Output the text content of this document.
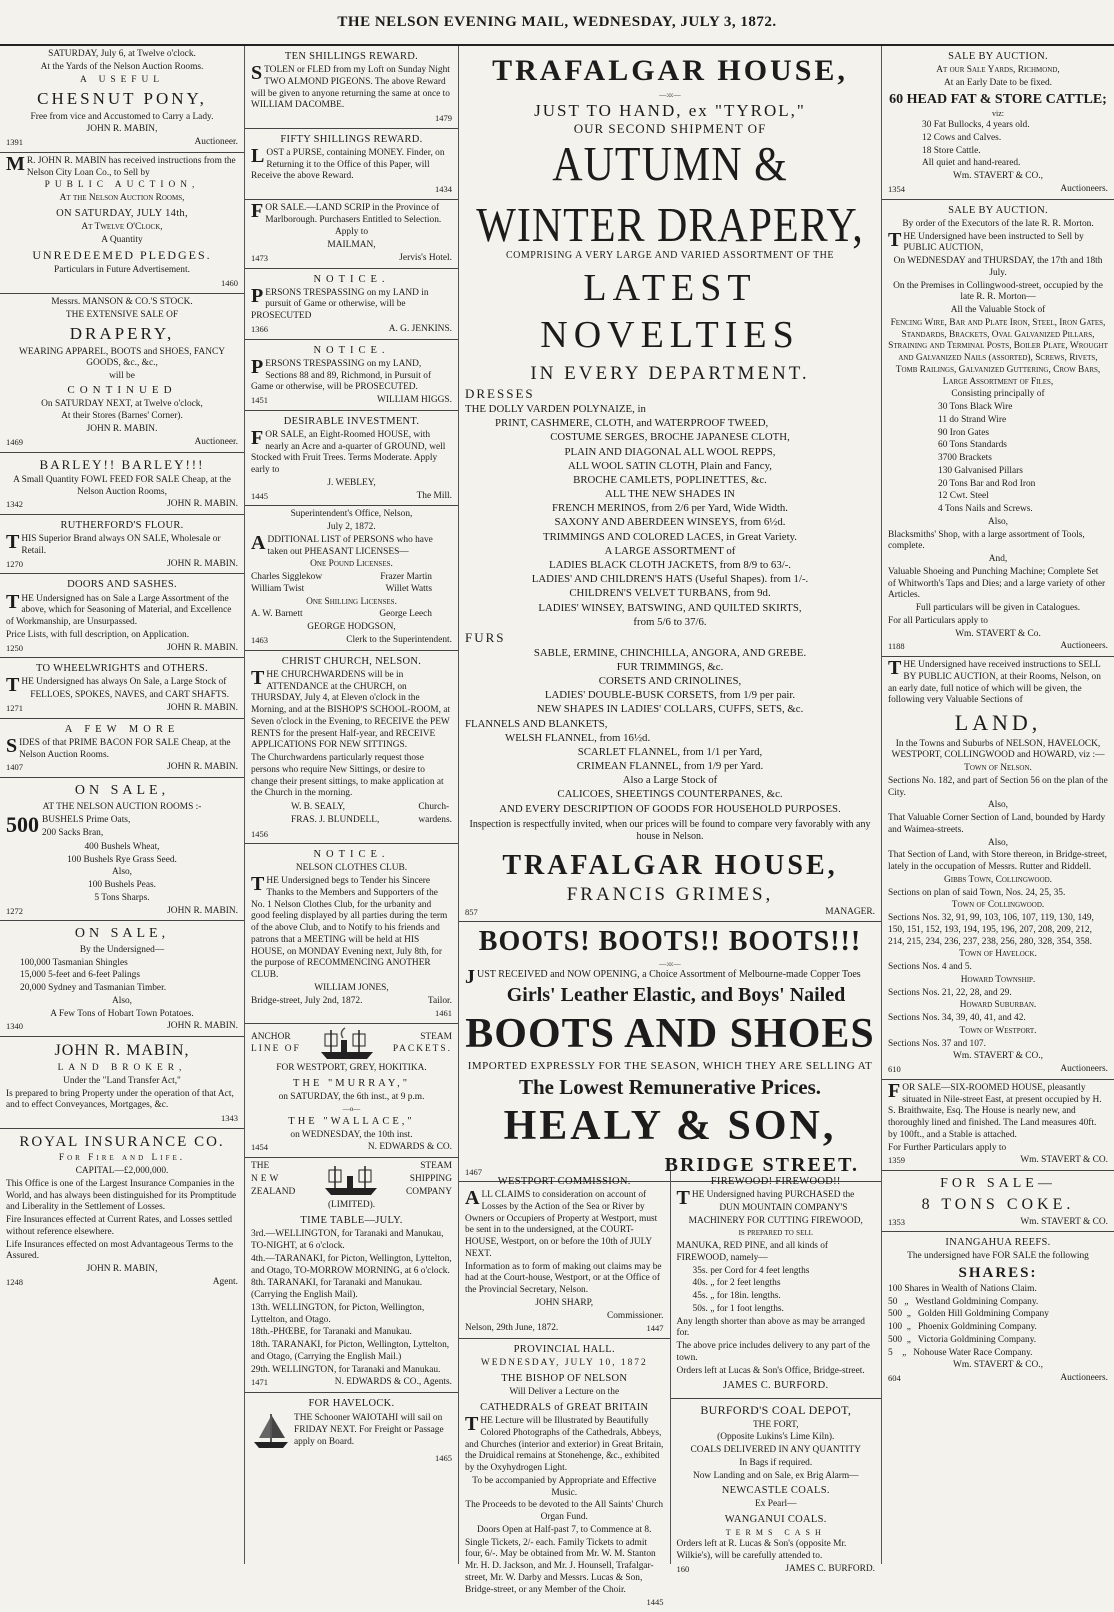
THE NELSON EVENING MAIL, WEDNESDAY, JULY 3, 1872.

SATURDAY, July 6, at Twelve o'clock.

At the Yards of the Nelson Auction Rooms.

A USEFUL

CHESNUT PONY,

Free from vice and Accustomed to Carry a Lady.

JOHN R. MABIN,

1391	Auctioneer.

MR. JOHN R. MABIN has received instructions from the Nelson City Loan Co., to Sell by

PUBLIC AUCTION,

At the Nelson Auction Rooms,

ON SATURDAY, JULY 14th,

At Twelve O'Clock,

A Quantity

UNREDEEMED PLEDGES.

Particulars in Future Advertisement.

1460

Messrs. MANSON & CO.'S STOCK.

THE EXTENSIVE SALE OF

DRAPERY,

WEARING APPAREL, BOOTS and SHOES, FANCY GOODS, &c., &c.,

will be

CONTINUED

On SATURDAY NEXT, at Twelve o'clock,

At their Stores (Barnes' Corner).

JOHN R. MABIN.

1469	Auctioneer.
BARLEY!! BARLEY!!!

A Small Quantity FOWL FEED FOR SALE Cheap, at the Nelson Auction Rooms,

1342	JOHN R. MABIN.

RUTHERFORD'S FLOUR.

THIS Superior Brand always ON SALE, Wholesale or Retail.

1270	JOHN R. MABIN.

DOORS AND SASHES.

THE Undersigned has on Sale a Large Assortment of the above, which for Seasoning of Material, and Excellence of Workmanship, are Unsurpassed.

Price Lists, with full description, on Application.

1250	JOHN R. MABIN.

TO WHEELWRIGHTS and OTHERS.

THE Undersigned has always On Sale, a Large Stock of

FELLOES, SPOKES, NAVES, and CART SHAFTS.

1271	JOHN R. MABIN.

A FEW MORE

SIDES of that PRIME BACON FOR SALE Cheap, at the Nelson Auction Rooms.

1407	JOHN R. MABIN.
ON SALE,

AT THE NELSON AUCTION ROOMS :-

500 BUSHELS Prime Oats,

200 Sacks Bran,

400 Bushels Wheat,

100 Bushels Rye Grass Seed.

Also,

100 Bushels Peas.

5 Tons Sharps.

1272	JOHN R. MABIN.
ON SALE,

By the Undersigned—

100,000 Tasmanian Shingles

15,000 5-feet and 6-feet Palings

20,000 Sydney and Tasmanian Timber.

Also,

A Few Tons of Hobart Town Potatoes.

1340	JOHN R. MABIN.
JOHN R. MABIN,

LAND BROKER,

Under the "Land Transfer Act,"

Is prepared to bring Property under the operation of that Act, and to effect Conveyances, Mortgages, &c.

1343

ROYAL INSURANCE CO.

For Fire and Life.

CAPITAL—£2,000,000.

This Office is one of the Largest Insurance Companies in the World, and has always been distinguished for its Promptitude and Liberality in the Settlement of Losses.

Fire Insurances effected at Current Rates, and Losses settled without reference elsewhere.

Life Insurances effected on most Advantageous Terms to the Assured.

JOHN R. MABIN,

1248	Agent.

TEN SHILLINGS REWARD.

STOLEN or FLED from my Loft on Sunday Night TWO ALMOND PIGEONS. The above Reward will be given to anyone returning the same at once to WILLIAM DACOMBE.

1479

FIFTY SHILLINGS REWARD.

LOST a PURSE, containing MONEY. Finder, on Returning it to the Office of this Paper, will Receive the above Reward.

1434

FOR SALE.—LAND SCRIP in the Province of Marlborough. Purchasers Entitled to Selection.

Apply to

MAILMAN,

1473	Jervis's Hotel.

NOTICE.

PERSONS TRESPASSING on my LAND in pursuit of Game or otherwise, will be PROSECUTED

1366	A. G. JENKINS.

NOTICE.

PERSONS TRESPASSING on my LAND, Sections 88 and 89, Richmond, in Pursuit of Game or otherwise, will be PROSECUTED.

1451	WILLIAM HIGGS.

DESIRABLE INVESTMENT.

FOR SALE, an Eight-Roomed HOUSE, with nearly an Acre and a-quarter of GROUND, well Stocked with Fruit Trees. Terms Moderate. Apply early to

J. WEBLEY,

1445	The Mill.

Superintendent's Office, Nelson,

July 2, 1872.

ADDITIONAL LIST of PERSONS who have taken out PHEASANT LICENSES—

One Pound Licenses.

Charles Sigglekow	Frazer Martin
William Twist	Willet Watts

One Shilling Licenses.

A. W. Barnett	George Leech

GEORGE HODGSON,

1463	Clerk to the Superintendent.

CHRIST CHURCH, NELSON.

THE CHURCHWARDENS will be in ATTENDANCE at the CHURCH, on THURSDAY, July 4, at Eleven o'clock in the Morning, and at the BISHOP'S SCHOOL-ROOM, at Seven o'clock in the Evening, to RECEIVE the PEW RENTS for the present Half-year, and RECEIVE APPLICATIONS FOR NEW SITTINGS.

The Churchwardens particularly request those persons who require New Sittings, or desire to change their present sittings, to make application at the Church in the morning.

W. B. SEALY,

FRAS. J. BLUNDELL,

Church-

wardens.

1456

NOTICE.

NELSON CLOTHES CLUB.

THE Undersigned begs to Tender his Sincere Thanks to the Members and Supporters of the No. 1 Nelson Clothes Club, for the urbanity and good feeling displayed by all parties during the term of the above Club, and to Notify to his friends and patrons that a MEETING will be held at HIS HOUSE, on MONDAY Evening next, July 8th, for the purpose of RECOMMENCING ANOTHER CLUB.

WILLIAM JONES,

Bridge-street, July 2nd, 1872.	Tailor.

1461

ANCHOR

LINE OF

STEAM

PACKETS.

FOR WESTPORT, GREY, HOKITIKA.

THE "MURRAY,"

on SATURDAY, the 6th inst., at 9 p.m.

—o—

THE "WALLACE,"

on WEDNESDAY, the 10th inst.

1454	N. EDWARDS & CO.

THE

NEW

ZEALAND

STEAM

SHIPPING

COMPANY

(LIMITED).

TIME TABLE—JULY.

3rd.—WELLINGTON, for Taranaki and Manukau, TO-NIGHT, at 6 o'clock.

4th.—TARANAKI, for Picton, Wellington, Lyttelton, and Otago, TO-MORROW MORNING, at 6 o'clock.

8th. TARANAKI, for Taranaki and Manukau. (Carrying the English Mail).

13th. WELLINGTON, for Picton, Wellington, Lyttelton, and Otago.

18th.-PHŒBE, for Taranaki and Manukau.

18th. TARANAKI, for Picton, Wellington, Lyttelton, and Otago, (Carrying the English Mail.)

29th. WELLINGTON, for Taranaki and Manukau.

1471	N. EDWARDS & CO., Agents.

FOR HAVELOCK.

THE Schooner WAIOTAHI will sail on FRIDAY NEXT. For Freight or Passage apply on Board.

1465

TRAFALGAR HOUSE,

—:o:—

JUST TO HAND, ex "TYROL,"
OUR SECOND SHIPMENT OF
AUTUMN & WINTER DRAPERY,
COMPRISING A VERY LARGE AND VARIED ASSORTMENT OF THE
LATEST NOVELTIES
IN EVERY DEPARTMENT.

DRESSES

THE DOLLY VARDEN POLYNAIZE, in

PRINT, CASHMERE, CLOTH, and WATERPROOF TWEED,

COSTUME SERGES, BROCHE JAPANESE CLOTH,

PLAIN AND DIAGONAL ALL WOOL REPPS,

ALL WOOL SATIN CLOTH, Plain and Fancy,

BROCHE CAMLETS, POPLINETTES, &c.

ALL THE NEW SHADES IN

FRENCH MERINOS, from 2/6 per Yard, Wide Width.

SAXONY AND ABERDEEN WINSEYS, from 6½d.

TRIMMINGS AND COLORED LACES, in Great Variety.

A LARGE ASSORTMENT of

LADIES BLACK CLOTH JACKETS, from 8/9 to 63/-.

LADIES' AND CHILDREN'S HATS (Useful Shapes). from 1/-.

CHILDREN'S VELVET TURBANS, from 9d.

LADIES' WINSEY, BATSWING, AND QUILTED SKIRTS,

from 5/6 to 37/6.

FURS

SABLE, ERMINE, CHINCHILLA, ANGORA, AND GREBE.

FUR TRIMMINGS, &c.

CORSETS AND CRINOLINES,

LADIES' DOUBLE-BUSK CORSETS, from 1/9 per pair.

NEW SHAPES IN LADIES' COLLARS, CUFFS, SETS, &c.

FLANNELS AND BLANKETS,

WELSH FLANNEL, from 16½d.

SCARLET FLANNEL, from 1/1 per Yard,

CRIMEAN FLANNEL, from 1/9 per Yard.

Also a Large Stock of

CALICOES, SHEETINGS COUNTERPANES, &c.

AND EVERY DESCRIPTION OF GOODS FOR HOUSEHOLD PURPOSES.

Inspection is respectfully invited, when our prices will be found to compare very favorably with any house in Nelson.

TRAFALGAR HOUSE,
FRANCIS GRIMES,
857	MANAGER.
BOOTS! BOOTS!! BOOTS!!!

—:o:—

JUST RECEIVED and NOW OPENING, a Choice Assortment of Melbourne-made Copper Toes

Girls' Leather Elastic, and Boys' Nailed
BOOTS AND SHOES
IMPORTED EXPRESSLY FOR THE SEASON, WHICH THEY ARE SELLING AT
The Lowest Remunerative Prices.
HEALY & SON,
1467	BRIDGE STREET.

WESTPORT COMMISSION.

ALL CLAIMS to consideration on account of Losses by the Action of the Sea or River by Owners or Occupiers of Property at Westport, must be sent in to the undersigned, at the COURT-HOUSE, Westport, on or before the 10th of JULY NEXT.

Information as to form of making out claims may be had at the Court-house, Westport, or at the Office of the Provincial Secretary, Nelson.

JOHN SHARP,

Commissioner.

Nelson, 29th June, 1872.	1447

PROVINCIAL HALL.

WEDNESDAY, JULY 10, 1872

THE BISHOP OF NELSON

Will Deliver a Lecture on the

CATHEDRALS of GREAT BRITAIN

THE Lecture will be Illustrated by Beautifully Colored Photographs of the Cathedrals, Abbeys, and Churches (interior and exterior) in Great Britain, the Druidical remains at Stonehenge, &c., exhibited by the Oxyhydrogen Light.

To be accompanied by Appropriate and Effective Music.

The Proceeds to be devoted to the All Saints' Church Organ Fund.

Doors Open at Half-past 7, to Commence at 8.

Single Tickets, 2/- each. Family Tickets to admit four, 6/-. May be obtained from Mr. W. M. Stanton Mr. H. D. Jackson, and Mr. J. Hounsell, Trafalgar-street, Mr. W. Darby and Messrs. Lucas & Son, Bridge-street, or any Member of the Choir.

1445

FIREWOOD! FIREWOOD!!

THE Undersigned having PURCHASED the

DUN MOUNTAIN COMPANY'S

MACHINERY FOR CUTTING FIREWOOD,

is prepared to sell

MANUKA, RED PINE, and all kinds of FIREWOOD, namely—

35s. per Cord for 4 feet lengths

40s. „ for 2 feet lengths

45s. „ for 18in. lengths.

50s. „ for 1 foot lengths.

Any length shorter than above as may be arranged for.

The above price includes delivery to any part of the town.

Orders left at Lucas & Son's Office, Bridge-street.

JAMES C. BURFORD.

BURFORD'S COAL DEPOT,

THE FORT,

(Opposite Lukins's Lime Kiln).

COALS DELIVERED IN ANY QUANTITY

In Bags if required.

Now Landing and on Sale, ex Brig Alarm—

NEWCASTLE COALS.

Ex Pearl—

WANGANUI COALS.

TERMS CASH

Orders left at R. Lucas & Son's (opposite Mr. Wilkie's), will be carefully attended to.

160	JAMES C. BURFORD.

SALE BY AUCTION.

At our Sale Yards, Richmond,

At an Early Date to be fixed.

60 HEAD FAT & STORE CATTLE;

viz:

30 Fat Bullocks, 4 years old.

12 Cows and Calves.

18 Store Cattle.

All quiet and hand-reared.

Wm. STAVERT & CO.,

1354	Auctioneers.

SALE BY AUCTION.

By order of the Executors of the late R. R. Morton.

THE Undersigned have been instructed to Sell by PUBLIC AUCTION,

On WEDNESDAY and THURSDAY, the 17th and 18th July.

On the Premises in Collingwood-street, occupied by the late R. R. Morton—

All the Valuable Stock of

Fencing Wire, Bar and Plate Iron, Steel, Iron Gates, Standards, Brackets, Oval Galvanized Pillars, Straining and Terminal Posts, Boiler Plate, Wrought and Galvanized Nails (assorted), Screws, Rivets, Tomb Railings, Galvanized Guttering, Crow Bars, Large Assortment of Files,

Consisting principally of

30 Tons Black Wire

11 do Strand Wire

90 Iron Gates

60 Tons Standards

3700 Brackets

130 Galvanised Pillars

20 Tons Bar and Rod Iron

12 Cwt. Steel

4 Tons Nails and Screws.

Also,

Blacksmiths' Shop, with a large assortment of Tools, complete.

And,

Valuable Shoeing and Punching Machine; Complete Set of Whitworth's Taps and Dies; and a large variety of other Articles.

Full particulars will be given in Catalogues.

For all Particulars apply to

Wm. STAVERT & Co.

1188	Auctioneers.

THE Undersigned have received instructions to SELL BY PUBLIC AUCTION, at their Rooms, Nelson, on an early date, full notice of which will be given, the following very Valuable Sections of

LAND,

In the Towns and Suburbs of NELSON, HAVELOCK, WESTPORT, COLLINGWOOD and HOWARD, viz :—

Town of Nelson.

Sections No. 182, and part of Section 56 on the plan of the City.

Also,

That Valuable Corner Section of Land, bounded by Hardy and Waimea-streets.

Also,

That Section of Land, with Store thereon, in Bridge-street, lately in the occupation of Messrs. Rutter and Riddell.

Gibbs Town, Collingwood.

Sections on plan of said Town, Nos. 24, 25, 35.

Town of Collingwood.

Sections Nos. 32, 91, 99, 103, 106, 107, 119, 130, 149, 150, 151, 152, 193, 194, 195, 196, 207, 208, 209, 212, 214, 215, 234, 236, 237, 238, 256, 280, 328, 354, 358.

Town of Havelock.

Sections Nos. 4 and 5.

Howard Township.

Sections Nos. 21, 22, 28, and 29.

Howard Suburban.

Sections Nos. 34, 39, 40, 41, and 42.

Town of Westport.

Sections Nos. 37 and 107.

Wm. STAVERT & CO.,

610	Auctioneers.

FOR SALE—SIX-ROOMED HOUSE, pleasantly situated in Nile-street East, at present occupied by H. S. Braithwaite, Esq. The House is nearly new, and thoroughly lined and finished. The Land measures 40ft. by 100ft., and a Stable is attached.

For Further Particulars apply to

1359	Wm. STAVERT & CO.
FOR SALE—
8 TONS COKE.
1353	Wm. STAVERT & CO.

INANGAHUA REEFS.

The undersigned have FOR SALE the following

SHARES:

100 Shares in Wealth of Nations Claim.

50   „   Westland Goldmining Company.

500  „   Golden Hill Goldmining Company

100  „   Phoenix Goldmining Company.

500  „   Victoria Goldmining Company.

5    „   Nohouse Water Race Company.

Wm. STAVERT & CO.,

604	Auctioneers.
